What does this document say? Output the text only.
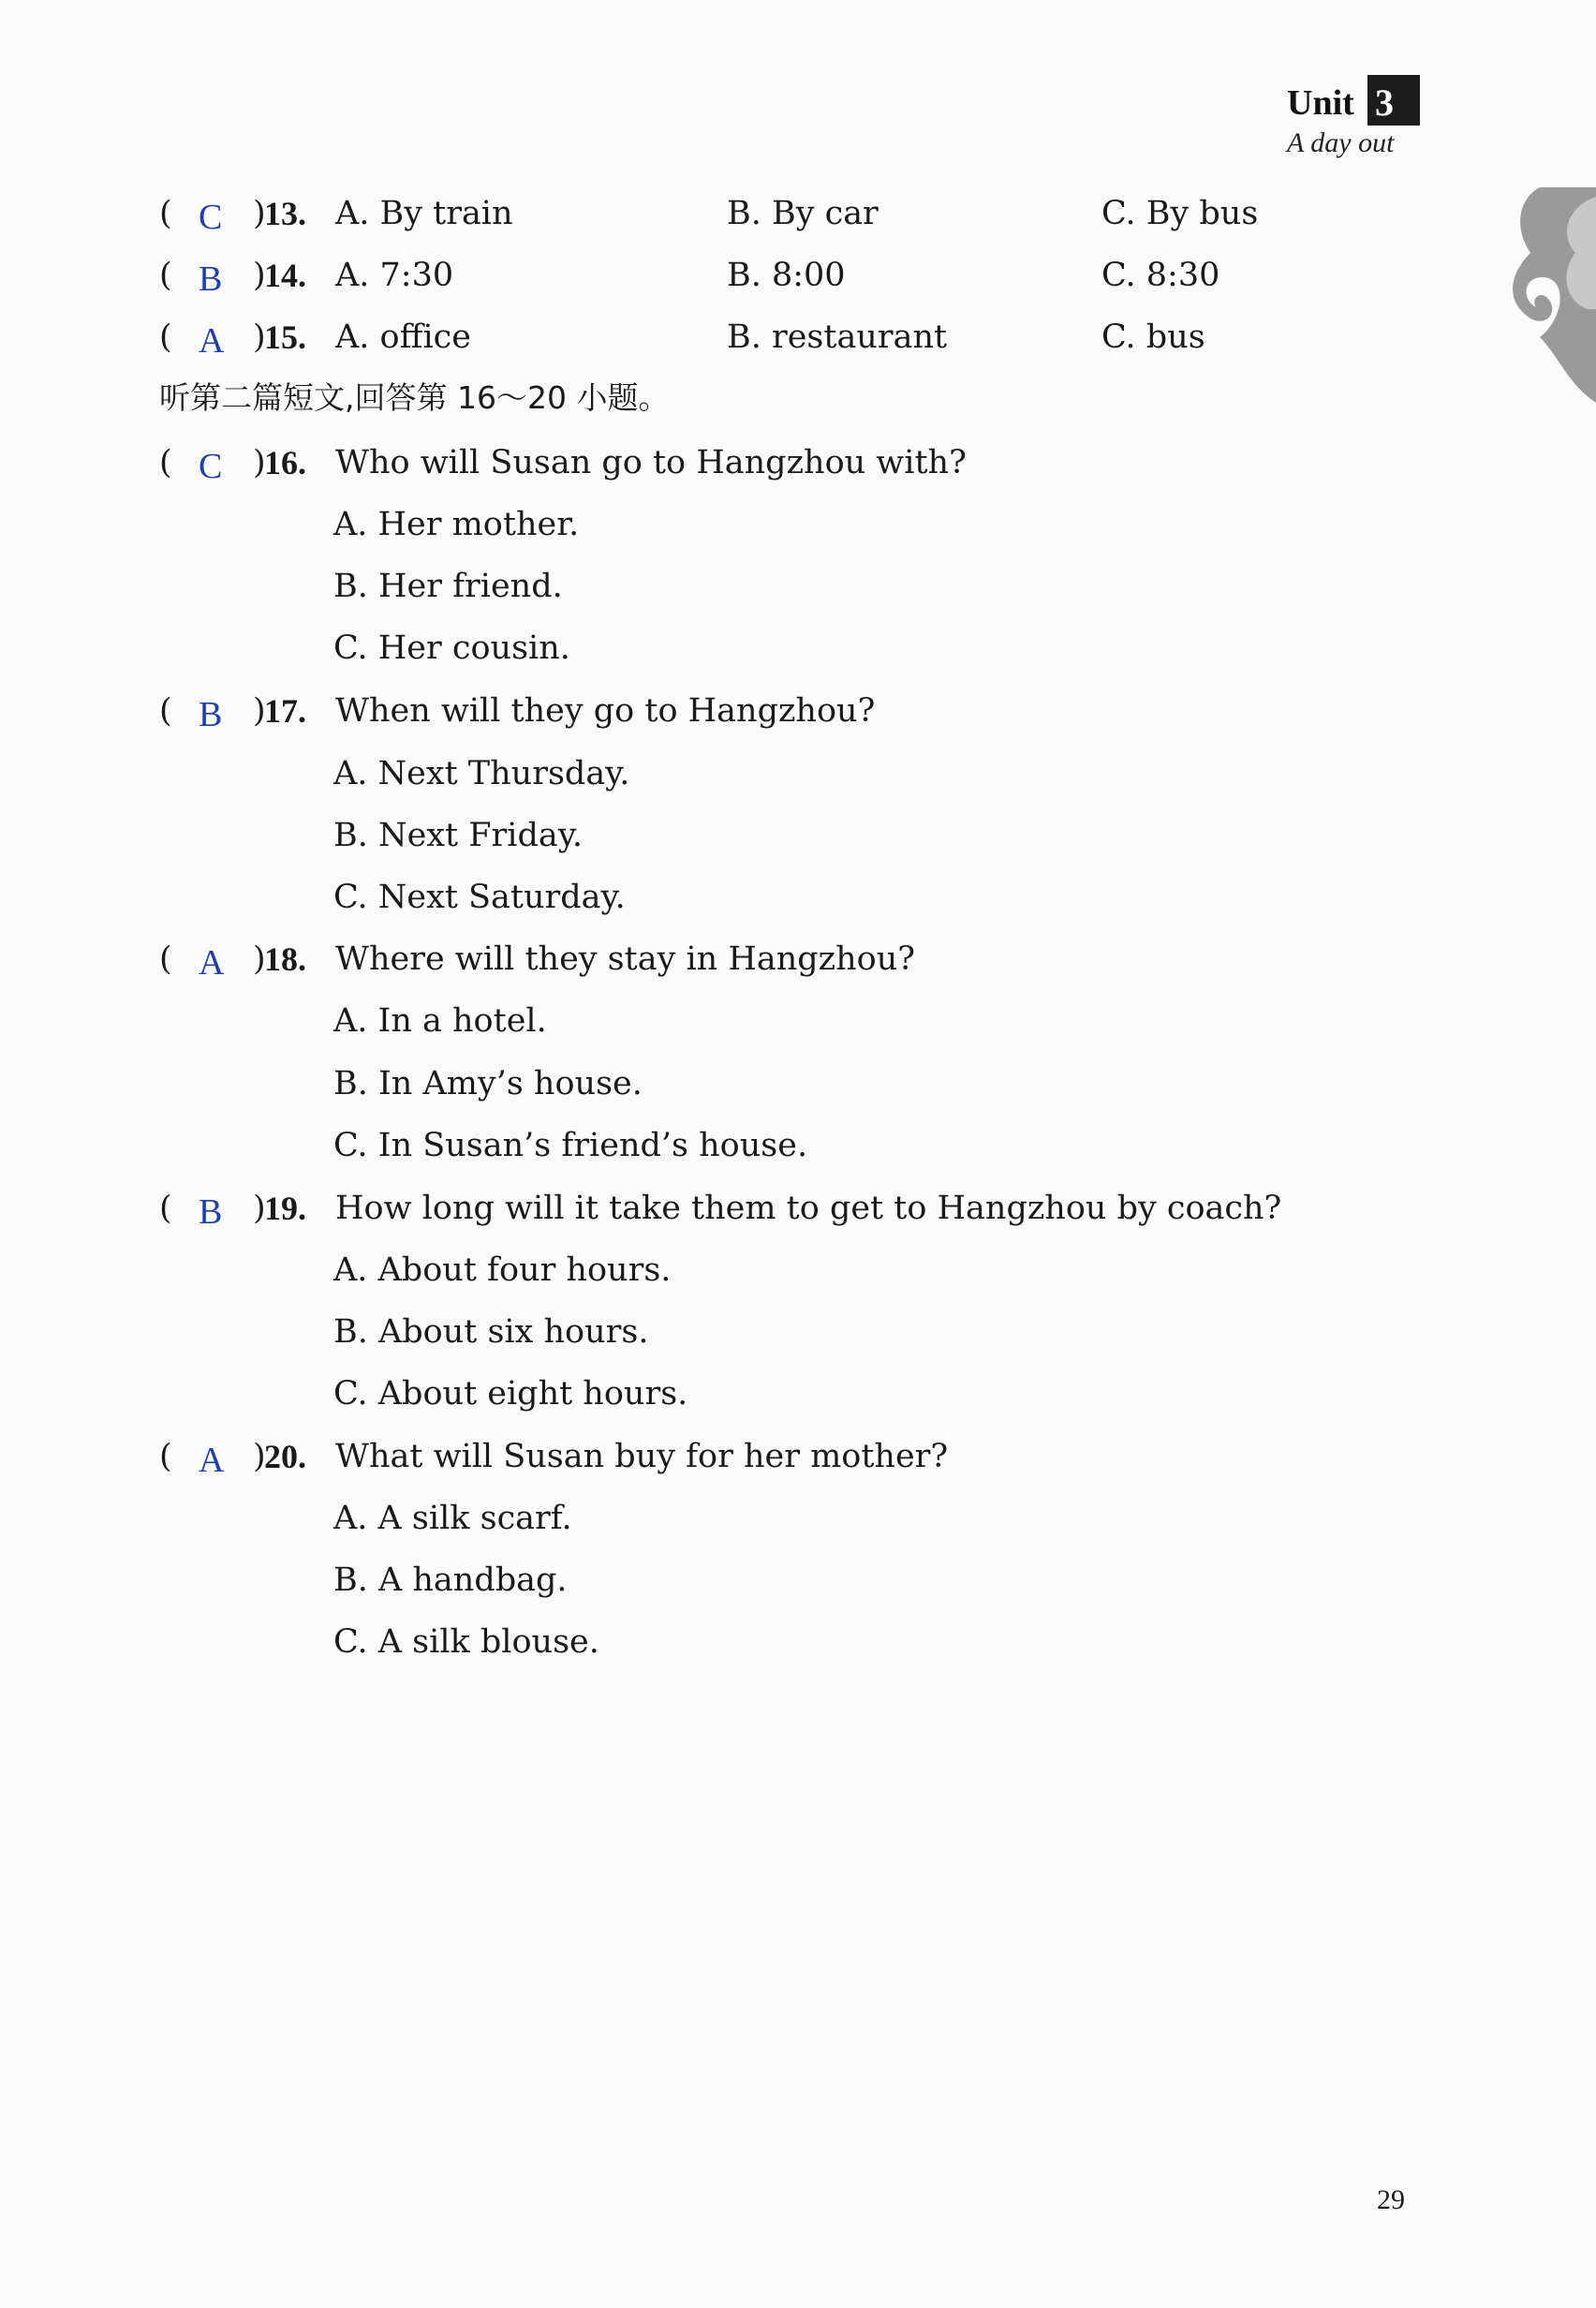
Unit 3
A day out
( C )
13. A. By train	B. By car	C. By bus
( B )
14. A. 7:30	B. 8:00	C. 8:30
( A )
15. A. office	B. restaurant	C. bus
听第二篇短文,回答第 16～20 小题。
( C )
16. Who will Susan go to Hangzhou with?
A. Her mother.
B. Her friend.
C. Her cousin.
( B )
17. When will they go to Hangzhou?
A. Next Thursday.
B. Next Friday.
C. Next Saturday.
( A )
18. Where will they stay in Hangzhou?
A. In a hotel.
B. In Amy’s house.
C. In Susan’s friend’s house.
( B )
19. How long will it take them to get to Hangzhou by coach?
A. About four hours.
B. About six hours.
C. About eight hours.
( A )
20. What will Susan buy for her mother?
A. A silk scarf.
B. A handbag.
C. A silk blouse.
29
